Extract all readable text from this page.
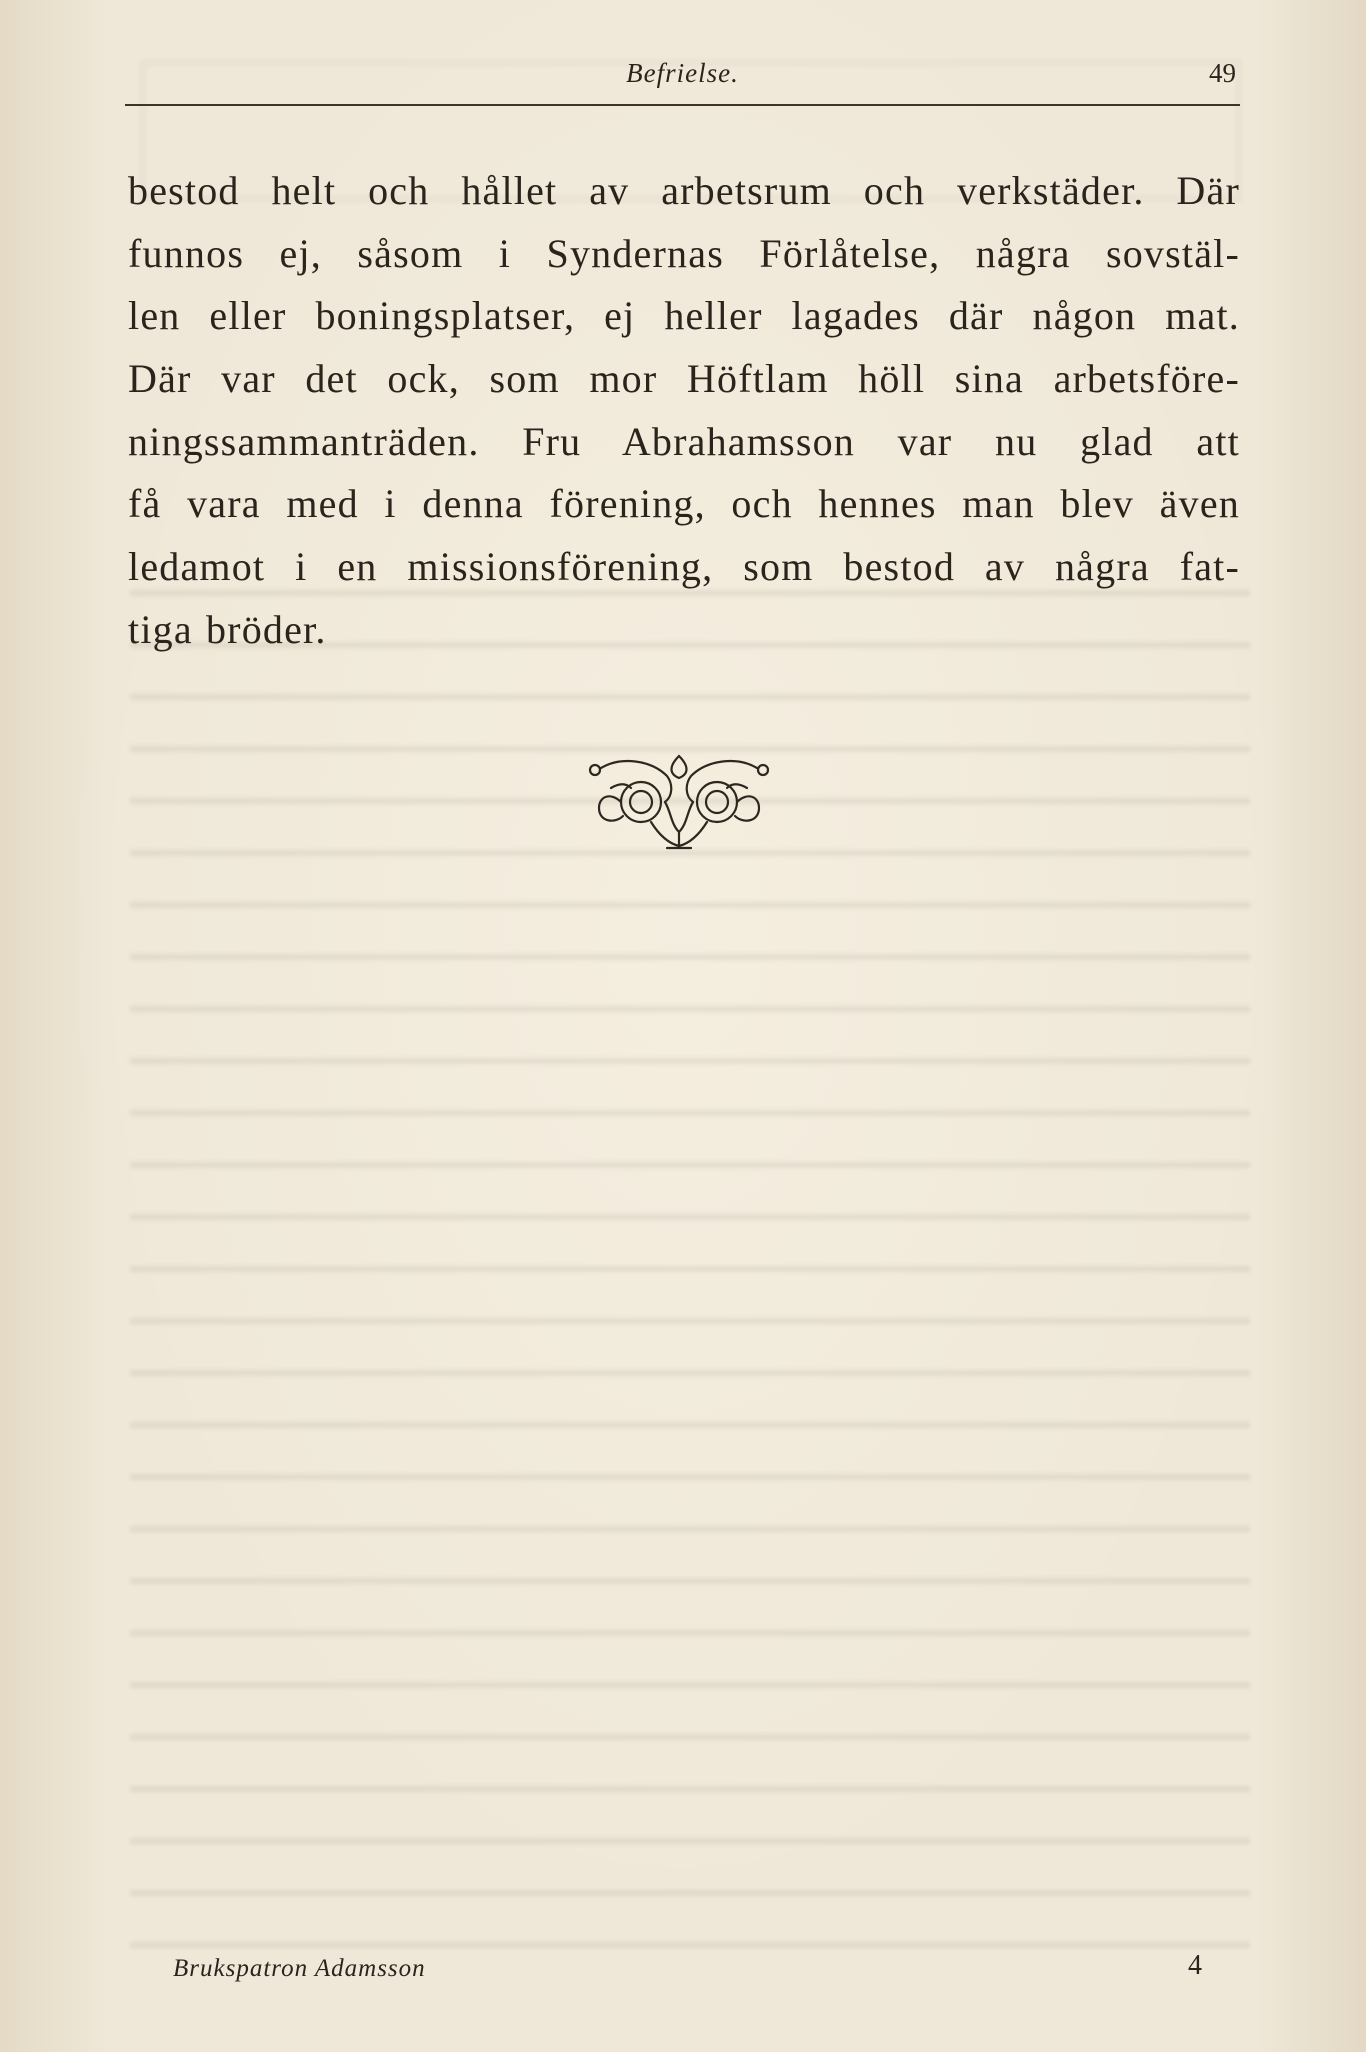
Befrielse.	49
bestod helt och hållet av arbetsrum och verkstäder. Där
funnos ej, såsom i Syndernas Förlåtelse, några sovstäl-
len eller boningsplatser, ej heller lagades där någon mat.
Där var det ock, som mor Höftlam höll sina arbetsföre-
ningssammanträden. Fru Abrahamsson var nu glad att
få vara med i denna förening, och hennes man blev även
ledamot i en missionsförening, som bestod av några fat-
tiga bröder.
Brukspatron Adamsson	4
